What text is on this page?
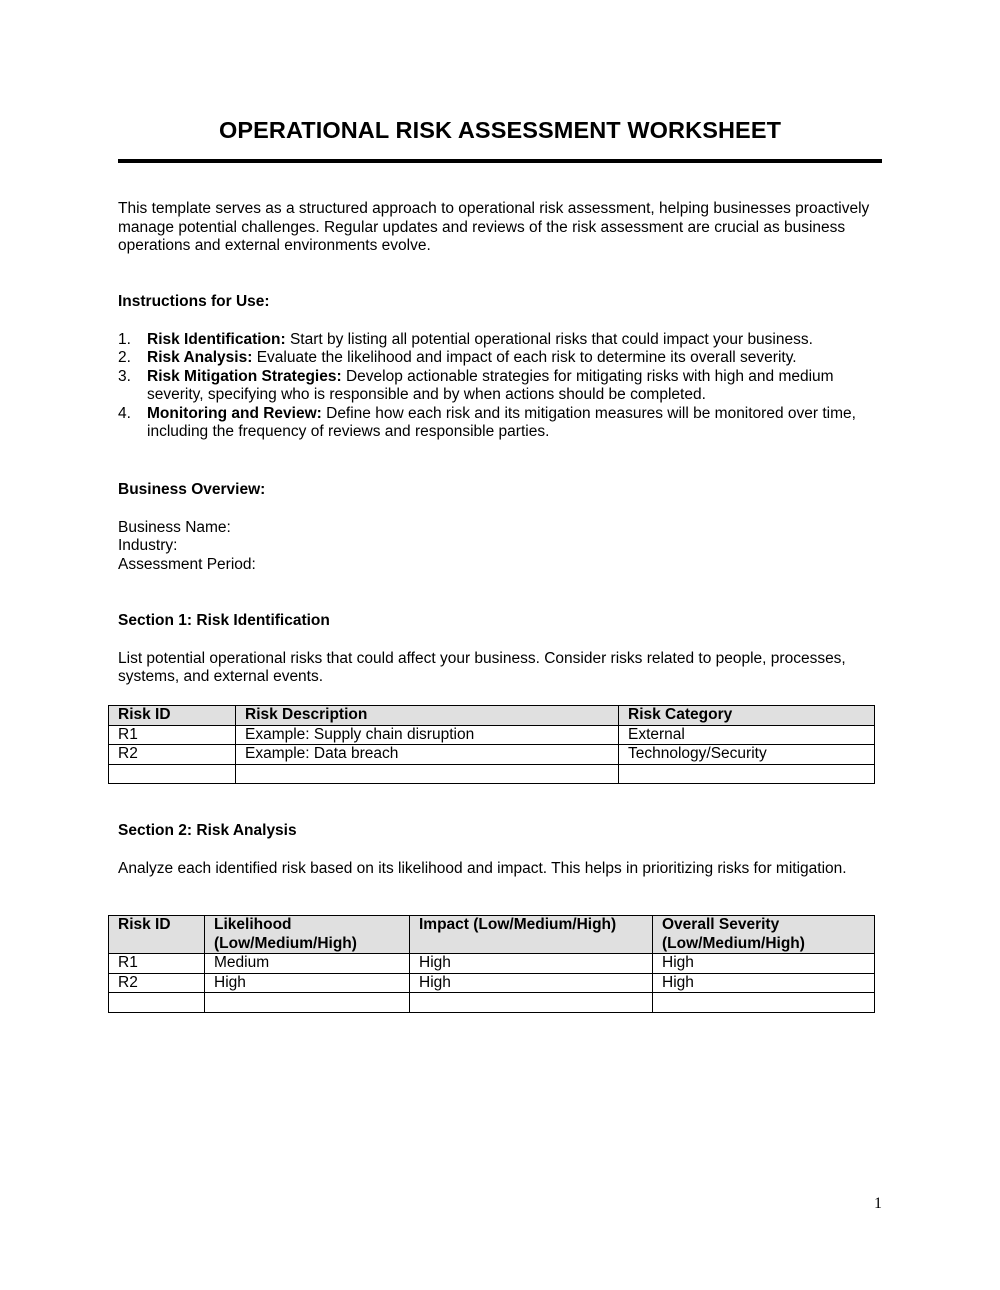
OPERATIONAL RISK ASSESSMENT WORKSHEET

This template serves as a structured approach to operational risk assessment, helping businesses proactively manage potential challenges. Regular updates and reviews of the risk assessment are crucial as business operations and external environments evolve.

Instructions for Use:

1. Risk Identification: Start by listing all potential operational risks that could impact your business.
2. Risk Analysis: Evaluate the likelihood and impact of each risk to determine its overall severity.
3. Risk Mitigation Strategies: Develop actionable strategies for mitigating risks with high and medium severity, specifying who is responsible and by when actions should be completed.
4. Monitoring and Review: Define how each risk and its mitigation measures will be monitored over time, including the frequency of reviews and responsible parties.

Business Overview:

Business Name:

Industry:

Assessment Period:

Section 1: Risk Identification

List potential operational risks that could affect your business. Consider risks related to people, processes, systems, and external events.

Risk ID	Risk Description	Risk Category
R1	Example: Supply chain disruption	External
R2	Example: Data breach	Technology/Security

Section 2: Risk Analysis

Analyze each identified risk based on its likelihood and impact. This helps in prioritizing risks for mitigation.

Risk ID	Likelihood (Low/Medium/High)	Impact (Low/Medium/High)	Overall Severity (Low/Medium/High)
R1	Medium	High	High
R2	High	High	High

1
